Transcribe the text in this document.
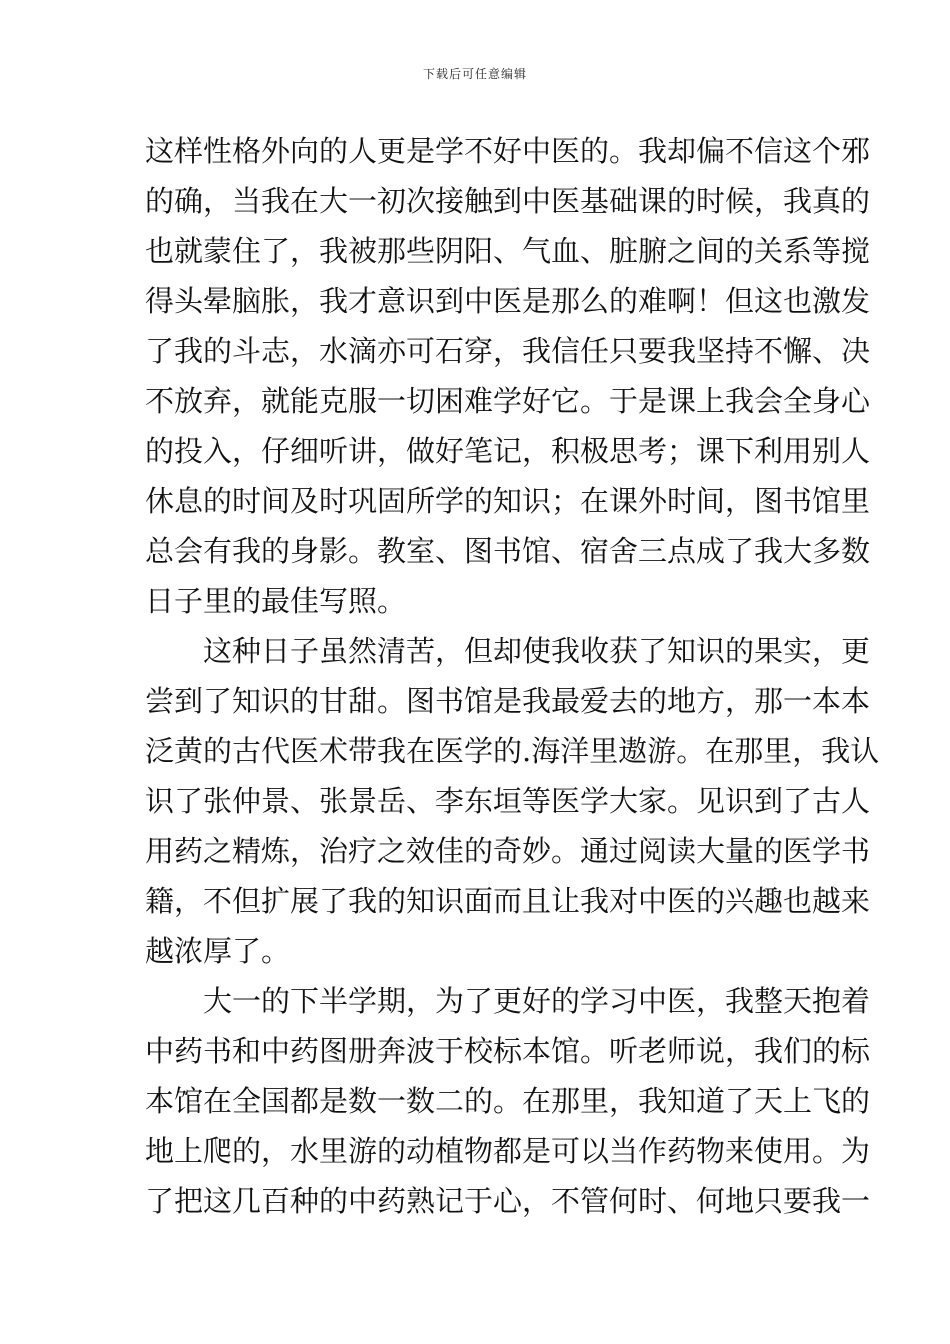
下载后可任意编辑
这样性格外向的人更是学不好中医的。我却偏不信这个邪
的确，当我在大一初次接触到中医基础课的时候，我真的
也就蒙住了，我被那些阴阳、气血、脏腑之间的关系等搅
得头晕脑胀，我才意识到中医是那么的难啊！但这也激发
了我的斗志，水滴亦可石穿，我信任只要我坚持不懈、决
不放弃，就能克服一切困难学好它。于是课上我会全身心
的投入，仔细听讲，做好笔记，积极思考；课下利用别人
休息的时间及时巩固所学的知识；在课外时间，图书馆里
总会有我的身影。教室、图书馆、宿舍三点成了我大多数
日子里的最佳写照。
　　这种日子虽然清苦，但却使我收获了知识的果实，更
尝到了知识的甘甜。图书馆是我最爱去的地方，那一本本
泛黄的古代医术带我在医学的.海洋里遨游。在那里，我认
识了张仲景、张景岳、李东垣等医学大家。见识到了古人
用药之精炼，治疗之效佳的奇妙。通过阅读大量的医学书
籍，不但扩展了我的知识面而且让我对中医的兴趣也越来
越浓厚了。
　　大一的下半学期，为了更好的学习中医，我整天抱着
中药书和中药图册奔波于校标本馆。听老师说，我们的标
本馆在全国都是数一数二的。在那里，我知道了天上飞的
地上爬的，水里游的动植物都是可以当作药物来使用。为
了把这几百种的中药熟记于心，不管何时、何地只要我一
